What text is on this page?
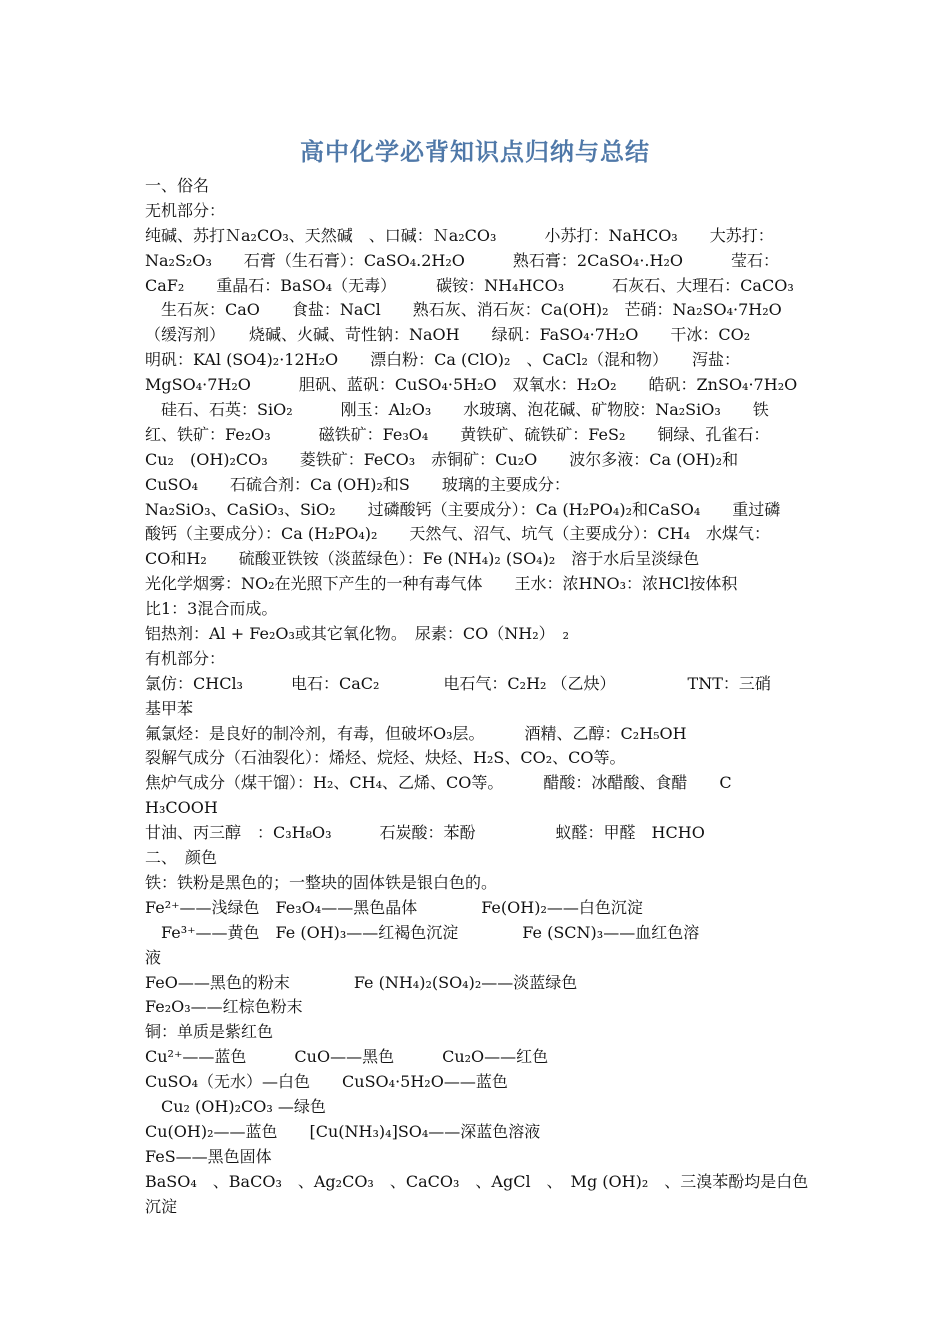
高中化学必背知识点归纳与总结
一、俗名
无机部分：
纯碱、苏打Ｎa₂CO₃、天然碱　、口碱：Ｎa₂CO₃　　　小苏打：NaHCO₃　　大苏打：
Na₂S₂O₃　　石膏（生石膏）：CaSO₄.2H₂O　　　熟石膏：2CaSO₄·.H₂O　　　莹石：
CaF₂　　重晶石：BaSO₄（无毒）　　　碳铵：NH₄HCO₃　　　石灰石、大理石：CaCO₃
　生石灰：CaO　　食盐：NaCl　　熟石灰、消石灰：Ca(OH)₂　芒硝：Na₂SO₄·7H₂O
（缓泻剂）　　烧碱、火碱、苛性钠：NaOH　　绿矾：FaSO₄·7H₂O　　干冰：CO₂
明矾：KAl (SO4)₂·12H₂O　　漂白粉：Ca (ClO)₂　、CaCl₂（混和物）　　泻盐：
MgSO₄·7H₂O　　　胆矾、蓝矾：CuSO₄·5H₂O　双氧水：H₂O₂　　皓矾：ZnSO₄·7H₂O
　硅石、石英：SiO₂　　　刚玉：Al₂O₃　　水玻璃、泡花碱、矿物胶：Na₂SiO₃　　铁
红、铁矿：Fe₂O₃　　　磁铁矿：Fe₃O₄　　黄铁矿、硫铁矿：FeS₂　　铜绿、孔雀石：
Cu₂　(OH)₂CO₃　　菱铁矿：FeCO₃　赤铜矿：Cu₂O　　波尔多液：Ca (OH)₂和
CuSO₄　　石硫合剂：Ca (OH)₂和S　　玻璃的主要成分：
Na₂SiO₃、CaSiO₃、SiO₂　　过磷酸钙（主要成分）：Ca (H₂PO₄)₂和CaSO₄　　重过磷
酸钙（主要成分）：Ca (H₂PO₄)₂　　天然气、沼气、坑气（主要成分）：CH₄　水煤气：
CO和H₂　　硫酸亚铁铵（淡蓝绿色）：Fe (NH₄)₂ (SO₄)₂　溶于水后呈淡绿色
光化学烟雾：NO₂在光照下产生的一种有毒气体　　王水：浓HNO₃：浓HCl按体积
比1：3混合而成。
铝热剂：Al + Fe₂O₃或其它氧化物。　尿素：CO（NH₂）　₂
有机部分：
氯仿：CHCl₃　　　电石：CaC₂　　　　电石气：C₂H₂ （乙炔）　　　　　TNT：三硝
基甲苯
氟氯烃：是良好的制冷剂，有毒，但破坏O₃层。　　　酒精、乙醇：C₂H₅OH
裂解气成分（石油裂化）：烯烃、烷烃、炔烃、H₂S、CO₂、CO等。
焦炉气成分（煤干馏）：H₂、CH₄、乙烯、CO等。　　　醋酸：冰醋酸、食醋　　C
H₃COOH
甘油、丙三醇　：C₃H₈O₃　　　石炭酸：苯酚　　　　　蚁醛：甲醛　HCHO
二、　颜色
铁：铁粉是黑色的；一整块的固体铁是银白色的。
Fe²⁺——浅绿色　Fe₃O₄——黑色晶体　　　　Fe(OH)₂——白色沉淀
　Fe³⁺——黄色　Fe (OH)₃——红褐色沉淀　　　　Fe (SCN)₃——血红色溶
液
FeO——黑色的粉末　　　　Fe (NH₄)₂(SO₄)₂——淡蓝绿色
Fe₂O₃——红棕色粉末
铜：单质是紫红色
Cu²⁺——蓝色　　　CuO——黑色　　　Cu₂O——红色
CuSO₄（无水）—白色　　CuSO₄·5H₂O——蓝色
　Cu₂ (OH)₂CO₃ —绿色
Cu(OH)₂——蓝色　　[Cu(NH₃)₄]SO₄——深蓝色溶液
FeS——黑色固体
BaSO₄　、BaCO₃　、Ag₂CO₃　、CaCO₃　、AgCl　、　Mg (OH)₂　、三溴苯酚均是白色
沉淀
